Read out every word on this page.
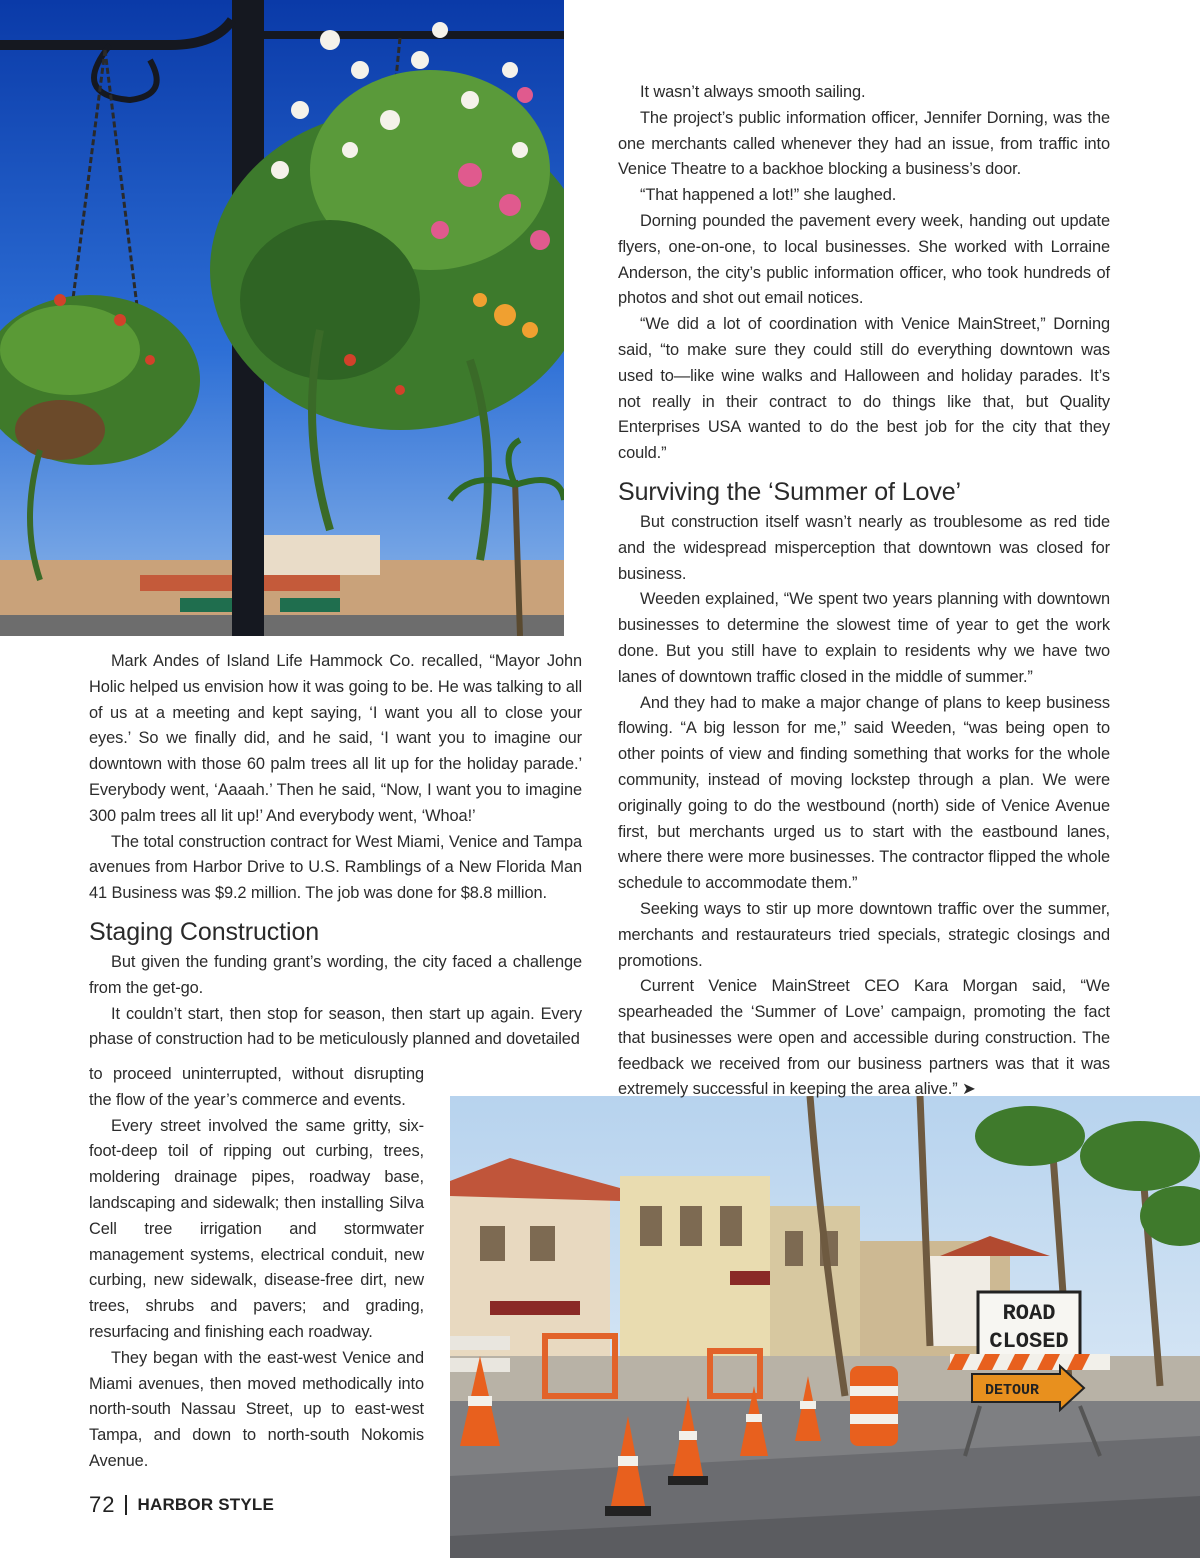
ROAD
CLOSED
DETOUR

Mark Andes of Island Life Hammock Co. recalled, “Mayor John Holic helped us envision how it was going to be. He was talking to all of us at a meeting and kept saying, ‘I want you all to close your eyes.’ So we finally did, and he said, ‘I want you to imagine our downtown with those 60 palm trees all lit up for the holiday parade.’ Everybody went, ‘Aaaah.’ Then he said, “Now, I want you to imagine 300 palm trees all lit up!’ And everybody went, ‘Whoa!’

The total construction contract for West Miami, Venice and Tampa avenues from Harbor Drive to U.S. Ramblings of a New Florida Man 41 Business was $9.2 million. The job was done for $8.8 million.

Staging Construction

But given the funding grant’s wording, the city faced a challenge from the get-go.

It couldn’t start, then stop for season, then start up again. Every phase of construction had to be meticulously planned and dovetailed

to proceed uninterrupted, without disrupting the flow of the year’s commerce and events.

Every street involved the same gritty, six-foot-deep toil of ripping out curbing, trees, moldering drainage pipes, roadway base, landscaping and sidewalk; then installing Silva Cell tree irrigation and stormwater management systems, electrical conduit, new curbing, new sidewalk, disease-free dirt, new trees, shrubs and pavers; and grading, resurfacing and finishing each roadway.

They began with the east-west Venice and Miami avenues, then moved methodically into north-south Nassau Street, up to east-west Tampa, and down to north-south Nokomis Avenue.

It wasn’t always smooth sailing.

The project’s public information officer, Jennifer Dorning, was the one merchants called whenever they had an issue, from traffic into Venice Theatre to a backhoe blocking a business’s door.

“That happened a lot!” she laughed.

Dorning pounded the pavement every week, handing out update flyers, one-on-one, to local businesses. She worked with Lorraine Anderson, the city’s public information officer, who took hundreds of photos and shot out email notices.

“We did a lot of coordination with Venice MainStreet,” Dorning said, “to make sure they could still do everything downtown was used to—like wine walks and Halloween and holiday parades. It’s not really in their contract to do things like that, but Quality Enterprises USA wanted to do the best job for the city that they could.”

Surviving the ‘Summer of Love’

But construction itself wasn’t nearly as troublesome as red tide and the widespread misperception that downtown was closed for business.

Weeden explained, “We spent two years planning with downtown businesses to determine the slowest time of year to get the work done. But you still have to explain to residents why we have two lanes of downtown traffic closed in the middle of summer.”

And they had to make a major change of plans to keep business flowing. “A big lesson for me,” said Weeden, “was being open to other points of view and finding something that works for the whole community, instead of moving lockstep through a plan. We were originally going to do the westbound (north) side of Venice Avenue first, but merchants urged us to start with the eastbound lanes, where there were more businesses. The contractor flipped the whole schedule to accommodate them.”

Seeking ways to stir up more downtown traffic over the summer, merchants and restaurateurs tried specials, strategic closings and promotions.

Current Venice MainStreet CEO Kara Morgan said, “We spearheaded the ‘Summer of Love’ campaign, promoting the fact that businesses were open and accessible during construction. The feedback we received from our business partners was that it was extremely successful in keeping the area alive.” ➤

72 HARBOR STYLE
